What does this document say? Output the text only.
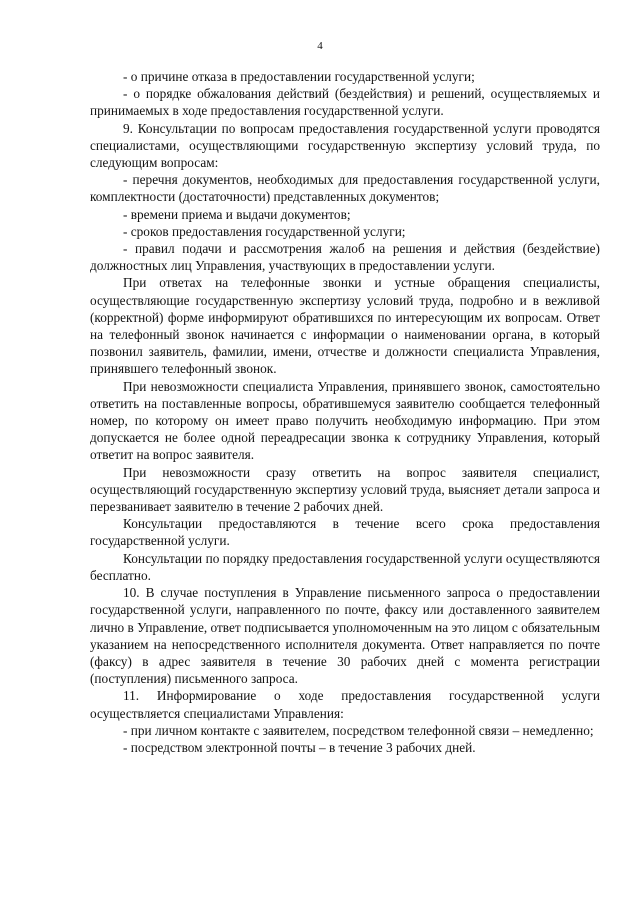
4

- о причине отказа в предоставлении государственной услуги;

- о порядке обжалования действий (бездействия) и решений, осуществляемых и принимаемых в ходе предоставления государственной услуги.

9. Консультации по вопросам предоставления государственной услуги проводятся специалистами, осуществляющими государственную экспертизу условий труда, по следующим вопросам:

- перечня документов, необходимых для предоставления государственной услуги, комплектности (достаточности) представленных документов;

- времени приема и выдачи документов;

- сроков предоставления государственной услуги;

- правил подачи и рассмотрения жалоб на решения и действия (бездействие) должностных лиц Управления, участвующих в предоставлении услуги.

При ответах на телефонные звонки и устные обращения специалисты, осуществляющие государственную экспертизу условий труда, подробно и в вежливой (корректной) форме информируют обратившихся по интересующим их вопросам. Ответ на телефонный звонок начинается с информации о наименовании органа, в который позвонил заявитель, фамилии, имени, отчестве и должности специалиста Управления, принявшего телефонный звонок.

При невозможности специалиста Управления, принявшего звонок, самостоятельно ответить на поставленные вопросы, обратившемуся заявителю сообщается телефонный номер, по которому он имеет право получить необходимую информацию. При этом допускается не более одной переадресации звонка к сотруднику Управления, который ответит на вопрос заявителя.

При невозможности сразу ответить на вопрос заявителя специалист, осуществляющий государственную экспертизу условий труда, выясняет детали запроса и перезванивает заявителю в течение 2 рабочих дней.

Консультации предоставляются в течение всего срока предоставления государственной услуги.

Консультации по порядку предоставления государственной услуги осуществляются бесплатно.

10. В случае поступления в Управление письменного запроса о предоставлении государственной услуги, направленного по почте, факсу или доставленного заявителем лично в Управление, ответ подписывается уполномоченным на это лицом с обязательным указанием на непосредственного исполнителя документа. Ответ направляется по почте (факсу) в адрес заявителя в течение 30 рабочих дней с момента регистрации (поступления) письменного запроса.

11. Информирование о ходе предоставления государственной услуги осуществляется специалистами Управления:

- при личном контакте с заявителем, посредством телефонной связи – немедленно;

- посредством электронной почты – в течение 3 рабочих дней.
